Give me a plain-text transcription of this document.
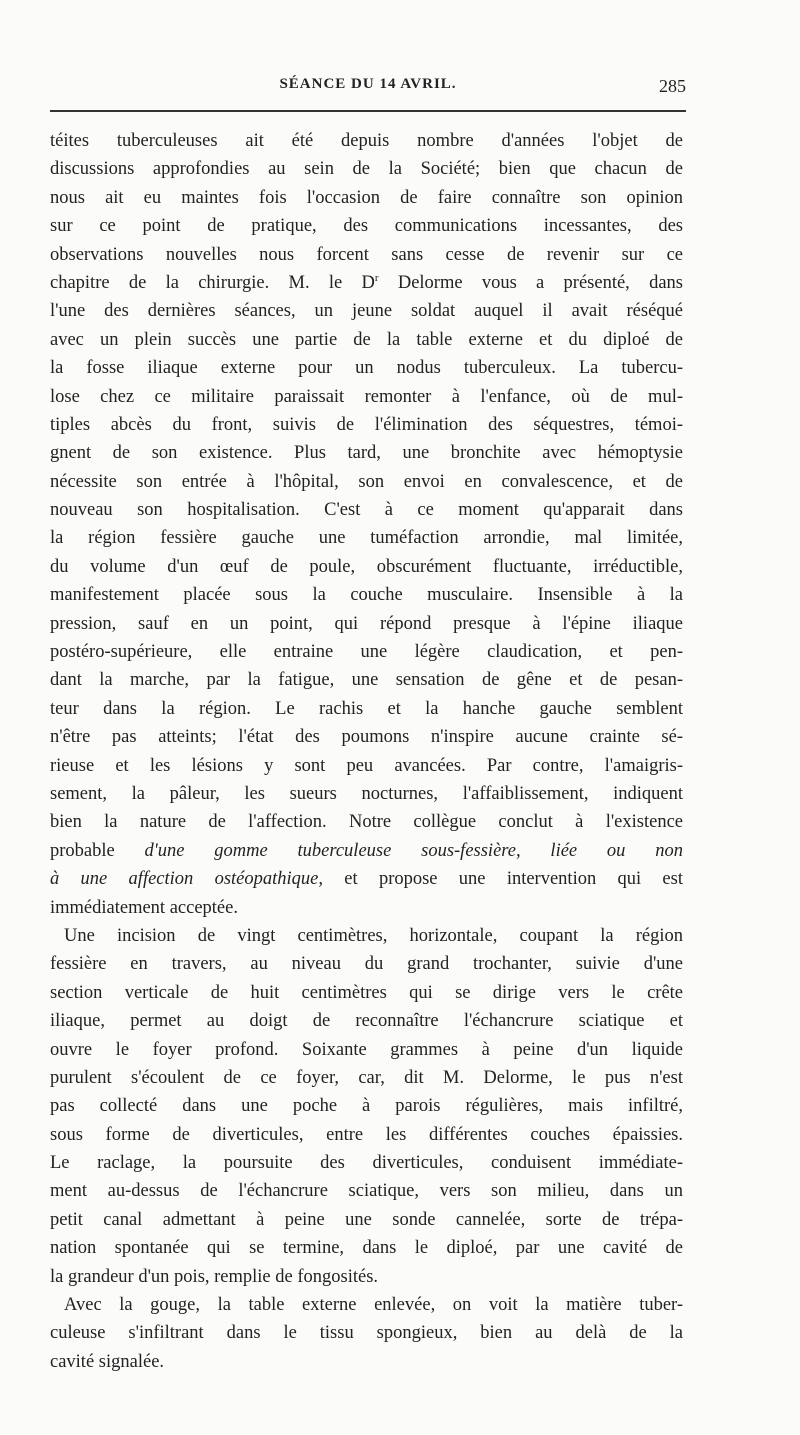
SÉANCE DU 14 AVRIL.	285
téites tuberculeuses ait été depuis nombre d'années l'objet de
discussions approfondies au sein de la Société; bien que chacun de
nous ait eu maintes fois l'occasion de faire connaître son opinion
sur ce point de pratique, des communications incessantes, des
observations nouvelles nous forcent sans cesse de revenir sur ce
chapitre de la chirurgie. M. le $D^r$ Delorme vous a présenté, dans
l'une des dernières séances, un jeune soldat auquel il avait réséqué
avec un plein succès une partie de la table externe et du diploé de
la fosse iliaque externe pour un nodus tuberculeux. La tubercu-
lose chez ce militaire paraissait remonter à l'enfance, où de mul-
tiples abcès du front, suivis de l'élimination des séquestres, témoi-
gnent de son existence. Plus tard, une bronchite avec hémoptysie
nécessite son entrée à l'hôpital, son envoi en convalescence, et de
nouveau son hospitalisation. C'est à ce moment qu'apparait dans
la région fessière gauche une tuméfaction arrondie, mal limitée,
du volume d'un œuf de poule, obscurément fluctuante, irréductible,
manifestement placée sous la couche musculaire. Insensible à la
pression, sauf en un point, qui répond presque à l'épine iliaque
postéro-supérieure, elle entraine une légère claudication, et pen-
dant la marche, par la fatigue, une sensation de gêne et de pesan-
teur dans la région. Le rachis et la hanche gauche semblent
n'être pas atteints; l'état des poumons n'inspire aucune crainte sé-
rieuse et les lésions y sont peu avancées. Par contre, l'amaigris-
sement, la pâleur, les sueurs nocturnes, l'affaiblissement, indiquent
bien la nature de l'affection. Notre collègue conclut à l'existence
probable d'une gomme tuberculeuse sous-fessière, liée ou non
à une affection ostéopathique, et propose une intervention qui est
immédiatement acceptée.
Une incision de vingt centimètres, horizontale, coupant la région
fessière en travers, au niveau du grand trochanter, suivie d'une
section verticale de huit centimètres qui se dirige vers le crête
iliaque, permet au doigt de reconnaître l'échancrure sciatique et
ouvre le foyer profond. Soixante grammes à peine d'un liquide
purulent s'écoulent de ce foyer, car, dit M. Delorme, le pus n'est
pas collecté dans une poche à parois régulières, mais infiltré,
sous forme de diverticules, entre les différentes couches épaissies.
Le raclage, la poursuite des diverticules, conduisent immédiate-
ment au-dessus de l'échancrure sciatique, vers son milieu, dans un
petit canal admettant à peine une sonde cannelée, sorte de trépa-
nation spontanée qui se termine, dans le diploé, par une cavité de
la grandeur d'un pois, remplie de fongosités.
Avec la gouge, la table externe enlevée, on voit la matière tuber-
culeuse s'infiltrant dans le tissu spongieux, bien au delà de la
cavité signalée.
